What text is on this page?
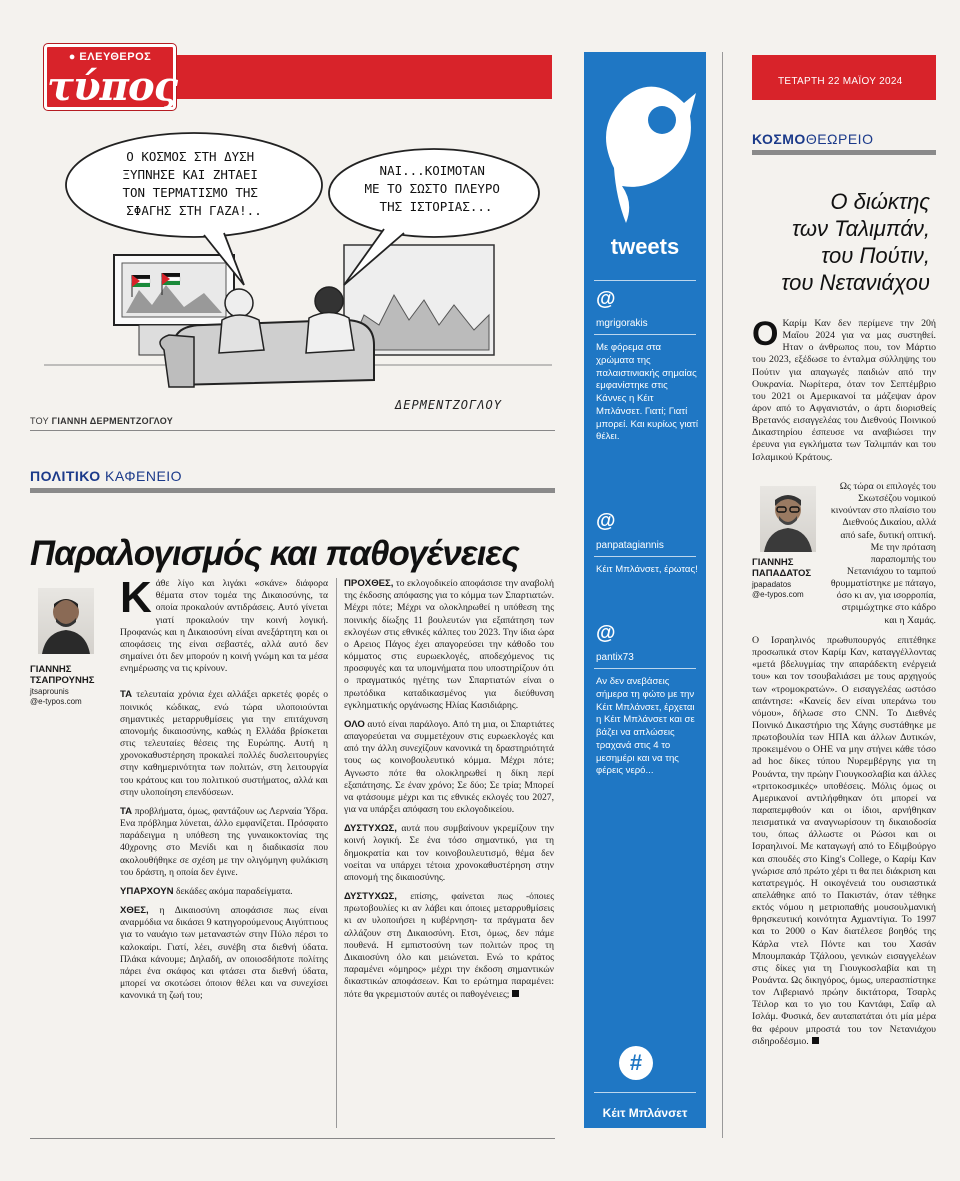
● ΕΛΕΥΘΕΡΟΣ
τύπος
Ο ΚΟΣΜΟΣ ΣΤΗ ΔΥΣΗ ΞΥΠΝΗΣΕ ΚΑΙ ΖΗΤΑΕΙ ΤΟΝ ΤΕΡΜΑΤΙΣΜΟ ΤΗΣ ΣΦΑΓΗΣ ΣΤΗ ΓΑΖΑ!..
ΝΑΙ...ΚΟΙΜΟΤΑΝ ΜΕ ΤΟ ΣΩΣΤΟ ΠΛΕΥΡΟ ΤΗΣ ΙΣΤΟΡΙΑΣ...
ΔΕΡΜΕΝΤΖΟΓΛΟΥ
ΤΟΥ ΓΙΑΝΝΗ ΔΕΡΜΕΝΤΖΟΓΛΟΥ
ΠΟΛΙΤΙΚΟ ΚΑΦΕΝΕΙΟ
Παραλογισμός και παθογένειες
ΓΙΑΝΝΗΣ
ΤΣΑΠΡΟΥΝΗΣ
jtsaprounis
@e-typos.com

Κάθε λίγο και λιγάκι «σκάνε» διάφορα θέματα στον τομέα της Δικαιοσύνης, τα οποία προκαλούν αντιδράσεις. Αυτό γίνεται γιατί προκαλούν την κοινή λογική. Προφανώς και η Δικαιοσύνη είναι ανεξάρτητη και οι αποφάσεις της είναι σεβαστές, αλλά αυτό δεν σημαίνει ότι δεν μπορούν η κοινή γνώμη και τα μέσα ενημέρωσης να τις κρίνουν.

ΤΑ τελευταία χρόνια έχει αλλάξει αρκετές φορές ο ποινικός κώδικας, ενώ τώρα υλοποιούνται σημαντικές μεταρρυθμίσεις για την επιτάχυνση απονομής δικαιοσύνης, καθώς η Ελλάδα βρίσκεται στις τελευταίες θέσεις της Ευρώπης. Αυτή η χρονοκαθυστέρηση προκαλεί πολλές δυσλειτουργίες στην καθημερινότητα των πολιτών, στη λειτουργία του κράτους και του πολιτικού συστήματος, αλλά και στην υλοποίηση επενδύσεων.

ΤΑ προβλήματα, όμως, φαντάζουν ως Λερναία Ύδρα. Ενα πρόβλημα λύνεται, άλλο εμφανίζεται. Πρόσφατο παράδειγμα η υπόθεση της γυναικοκτονίας της 40χρονης στο Μενίδι και η διαδικασία που ακολουθήθηκε σε σχέση με την ολιγόμηνη φυλάκιση του δράστη, η οποία δεν έγινε.

ΥΠΑΡΧΟΥΝ δεκάδες ακόμα παραδείγματα.

ΧΘΕΣ, η Δικαιοσύνη αποφάσισε πως είναι αναρμόδια να δικάσει 9 κατηγορούμενους Αιγύπτιους για το ναυάγιο των μεταναστών στην Πύλο πέρσι το καλοκαίρι. Γιατί, λέει, συνέβη στα διεθνή ύδατα. Πλάκα κάνουμε; Δηλαδή, αν οποιοσδήποτε πολίτης πάρει ένα σκάφος και φτάσει στα διεθνή ύδατα, μπορεί να σκοτώσει όποιον θέλει και να συνεχίσει κανονικά τη ζωή του;

ΠΡΟΧΘΕΣ, το εκλογοδικείο αποφάσισε την αναβολή της έκδοσης απόφασης για το κόμμα των Σπαρτιατών. Μέχρι πότε; Μέχρι να ολοκληρωθεί η υπόθεση της ποινικής δίωξης 11 βουλευτών για εξαπάτηση των εκλογέων στις εθνικές κάλπες του 2023. Την ίδια ώρα ο Αρειος Πάγος έχει απαγορεύσει την κάθοδο του κόμματος στις ευρωεκλογές, αποδεχόμενος τις προσφυγές και τα υπομνήματα που υποστηρίζουν ότι ο πραγματικός ηγέτης των Σπαρτιατών είναι ο πρωτόδικα καταδικασμένος για διεύθυνση εγκληματικής οργάνωσης Ηλίας Κασιδιάρης.

ΟΛΟ αυτό είναι παράλογο. Από τη μια, οι Σπαρτιάτες απαγορεύεται να συμμετέχουν στις ευρωεκλογές και από την άλλη συνεχίζουν κανονικά τη δραστηριότητά τους ως κοινοβουλευτικό κόμμα. Μέχρι πότε; Αγνωστο πότε θα ολοκληρωθεί η δίκη περί εξαπάτησης. Σε έναν χρόνο; Σε δύο; Σε τρία; Μπορεί να φτάσουμε μέχρι και τις εθνικές εκλογές του 2027, για να υπάρξει απόφαση του εκλογοδικείου.

ΔΥΣΤΥΧΩΣ, αυτά που συμβαίνουν γκρεμίζουν την κοινή λογική. Σε ένα τόσο σημαντικό, για τη δημοκρατία και τον κοινοβουλευτισμό, θέμα δεν νοείται να υπάρχει τέτοια χρονοκαθυστέρηση στην απονομή της δικαιοσύνης.

ΔΥΣΤΥΧΩΣ, επίσης, φαίνεται πως -όποιες πρωτοβουλίες κι αν λάβει και όποιες μεταρρυθμίσεις κι αν υλοποιήσει η κυβέρνηση- τα πράγματα δεν αλλάζουν στη Δικαιοσύνη. Ετσι, όμως, δεν πάμε πουθενά. Η εμπιστοσύνη των πολιτών προς τη Δικαιοσύνη όλο και μειώνεται. Ενώ το κράτος παραμένει «όμηρος» μέχρι την έκδοση σημαντικών δικαστικών αποφάσεων. Και το ερώτημα παραμένει: πότε θα γκρεμιστούν αυτές οι παθογένειες;

tweets
@
mgrigorakis
Με φόρεμα στα χρώματα της παλαιστινιακής σημαίας εμφανίστηκε στις Κάννες η Κέιτ Μπλάνσετ. Γιατί; Γιατί μπορεί. Και κυρίως γιατί θέλει.
@
panpatagiannis
Κέιτ Μπλάνσετ, έρωτας!
@
pantix73
Αν δεν ανεβάσεις σήμερα τη φώτο με την Κέιτ Μπλάνσετ, έρχεται η Κέιτ Μπλάνσετ και σε βάζει να απλώσεις τραχανά στις 4 το μεσημέρι και να της φέρεις νερό...
#
Κέιτ Μπλάνσετ
ΤΕΤΑΡΤΗ 22 ΜΑΪΟΥ 2024
ΚΟΣΜΟΘΕΩΡΕΙΟ
Ο διώκτης
των Ταλιμπάν,
του Πούτιν,
του Νετανιάχου
Ο Καρίμ Καν δεν περίμενε την 20ή Μαΐου 2024 για να μας συστηθεί. Ηταν ο άνθρωπος που, τον Μάρτιο του 2023, εξέδωσε το ένταλμα σύλληψης του Πούτιν για απαγωγές παιδιών από την Ουκρανία. Νωρίτερα, όταν τον Σεπτέμβριο του 2021 οι Αμερικανοί τα μάζεψαν άρον άρον από το Αφγανιστάν, ο άρτι διορισθείς Βρετανός εισαγγελέας του Διεθνούς Ποινικού Δικαστηρίου έσπευσε να αναβιώσει την έρευνα για εγκλήματα των Ταλιμπάν και του Ισλαμικού Κράτους.
ΓΙΑΝΝΗΣ
ΠΑΠΑΔΑΤΟΣ
jpapadatos
@e-typos.com
Ως τώρα οι επιλογές του Σκωτσέζου νομικού κινούνταν στο πλαίσιο του Διεθνούς Δικαίου, αλλά από safe, δυτική οπτική. Με την πρόταση παραπομπής του Νετανιάχου το ταμπού θρυμματίστηκε με πάταγο, όσο κι αν, για ισορροπία, στριμώχτηκε στο κάδρο και η Χαμάς.
Ο Ισραηλινός πρωθυπουργός επιτέθηκε προσωπικά στον Καρίμ Καν, καταγγέλλοντας «μετά βδελυγμίας την απαράδεκτη ενέργειά του» και τον τσουβαλιάσει με τους αρχηγούς των «τρομοκρατών». Ο εισαγγελέας ωστόσο απάντησε: «Κανείς δεν είναι υπεράνω του νόμου», δήλωσε στο CNN. Το Διεθνές Ποινικό Δικαστήριο της Χάγης συστάθηκε με πρωτοβουλία των ΗΠΑ και άλλων Δυτικών, προκειμένου ο ΟΗΕ να μην στήνει κάθε τόσο ad hoc δίκες τύπου Νυρεμβέργης για τη Ρουάντα, την πρώην Γιουγκοσλαβία και άλλες «τριτοκοσμικές» υποθέσεις. Μόλις όμως οι Αμερικανοί αντιλήφθηκαν ότι μπορεί να παραπεμφθούν και οι ίδιοι, αρνήθηκαν πεισματικά να αναγνωρίσουν τη δικαιοδοσία του, όπως άλλωστε οι Ρώσοι και οι Ισραηλινοί. Με καταγωγή από το Εδιμβούργο και σπουδές στο King's College, ο Καρίμ Καν γνώρισε από πρώτο χέρι τι θα πει διάκριση και κατατρεγμός. Η οικογένειά του ουσιαστικά απελάθηκε από το Πακιστάν, όταν τέθηκε εκτός νόμου η μετριοπαθής μουσουλμανική θρησκευτική κοινότητα Αχμαντίγια. Το 1997 και το 2000 ο Καν διατέλεσε βοηθός της Κάρλα ντελ Πόντε και του Χασάν Μπουμπακάρ Τζάλοου, γενικών εισαγγελέων στις δίκες για τη Γιουγκοσλαβία και τη Ρουάντα. Ως δικηγόρος, όμως, υπερασπίστηκε τον Λιβεριανό πρώην δικτάτορα, Τσαρλς Τέιλορ και το γιο του Καντάφι, Σαΐφ αλ Ισλάμ. Φυσικά, δεν αυταπατάται ότι μία μέρα θα φέρουν μπροστά του τον Νετανιάχου σιδηροδέσμιο.
